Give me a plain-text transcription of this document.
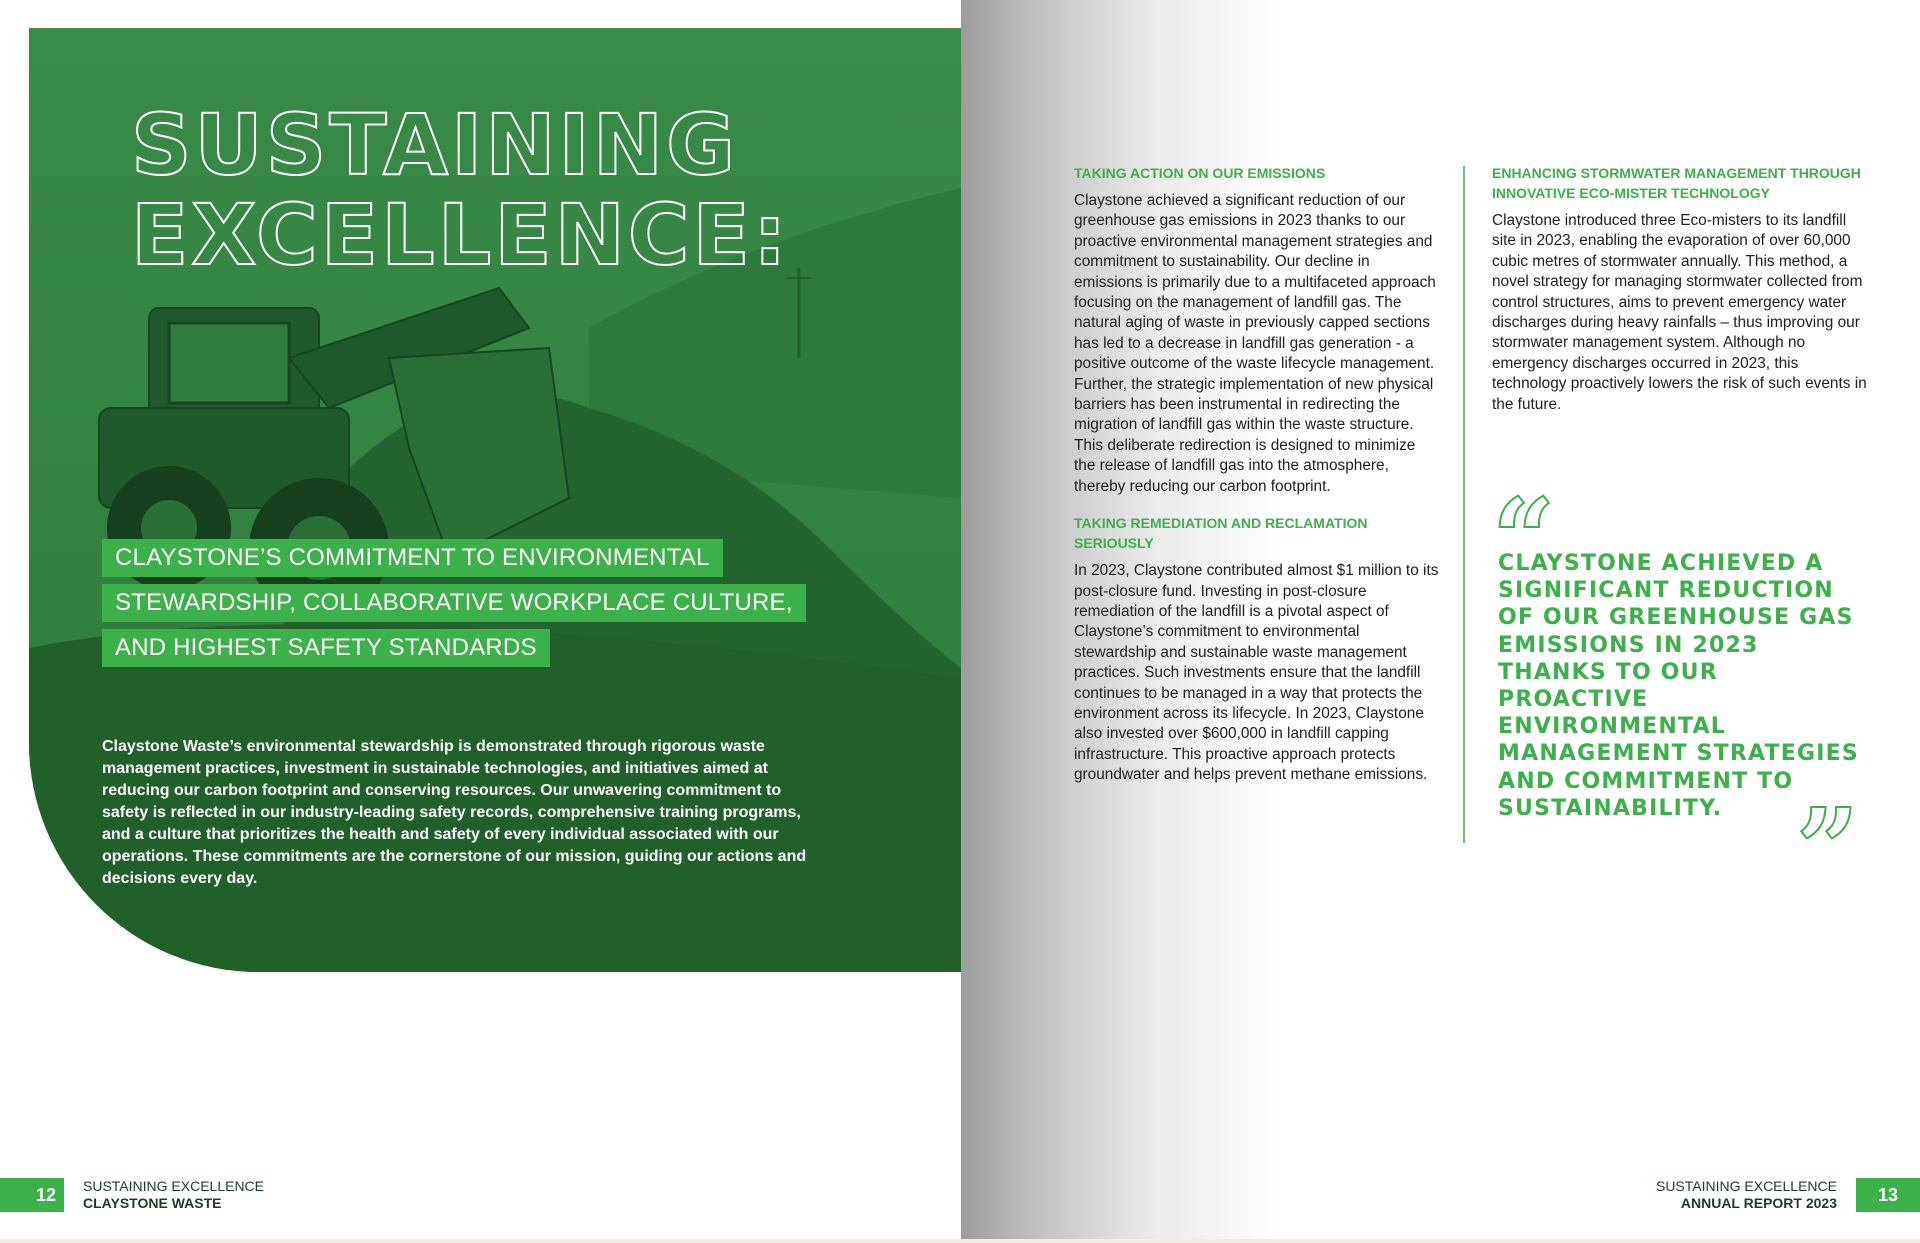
SUSTAINING
EXCELLENCE:
CLAYSTONE’S COMMITMENT TO ENVIRONMENTAL
STEWARDSHIP, COLLABORATIVE WORKPLACE CULTURE,
AND HIGHEST SAFETY STANDARDS

Claystone Waste’s environmental stewardship is demonstrated through rigorous waste management practices, investment in sustainable technologies, and initiatives aimed at reducing our carbon footprint and conserving resources. Our unwavering commitment to safety is reflected in our industry-leading safety records, comprehensive training programs, and a culture that prioritizes the health and safety of every individual associated with our operations. These commitments are the cornerstone of our mission, guiding our actions and decisions every day.

TAKING ACTION ON OUR EMISSIONS

Claystone achieved a significant reduction of our greenhouse gas emissions in 2023 thanks to our proactive environmental management strategies and commitment to sustainability. Our decline in emissions is primarily due to a multifaceted approach focusing on the management of landfill gas. The natural aging of waste in previously capped sections has led to a decrease in landfill gas generation - a positive outcome of the waste lifecycle management. Further, the strategic implementation of new physical barriers has been instrumental in redirecting the migration of landfill gas within the waste structure. This deliberate redirection is designed to minimize the release of landfill gas into the atmosphere, thereby reducing our carbon footprint.

TAKING REMEDIATION AND RECLAMATION SERIOUSLY

In 2023, Claystone contributed almost $1 million to its post-closure fund. Investing in post-closure remediation of the landfill is a pivotal aspect of Claystone’s commitment to environmental stewardship and sustainable waste management practices. Such investments ensure that the landfill continues to be managed in a way that protects the environment across its lifecycle. In 2023, Claystone also invested over $600,000 in landfill capping infrastructure. This proactive approach protects groundwater and helps prevent methane emissions.

ENHANCING STORMWATER MANAGEMENT THROUGH INNOVATIVE ECO-MISTER TECHNOLOGY

Claystone introduced three Eco-misters to its landfill site in 2023, enabling the evaporation of over 60,000 cubic metres of stormwater annually. This method, a novel strategy for managing stormwater collected from control structures, aims to prevent emergency water discharges during heavy rainfalls – thus improving our stormwater management system. Although no emergency discharges occurred in 2023, this technology proactively lowers the risk of such events in the future.

“

CLAYSTONE ACHIEVED A SIGNIFICANT REDUCTION OF OUR GREENHOUSE GAS EMISSIONS IN 2023 THANKS TO OUR PROACTIVE ENVIRONMENTAL MANAGEMENT STRATEGIES AND COMMITMENT TO SUSTAINABILITY. ”
12	SUSTAINING EXCELLENCE
CLAYSTONE WASTE
SUSTAINING EXCELLENCE
ANNUAL REPORT 2023	13
